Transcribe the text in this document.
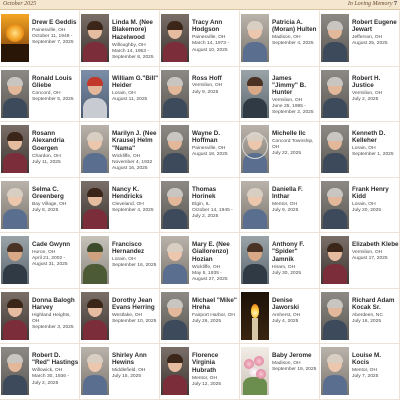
October 2025	In Loving Memory 7
Drew E Geddis
Painesville, OH
October 11, 1948 -
September 7, 2025
Linda M. (Nee Blakemore) Hazelwood
Willoughby, OH
March 14, 1953 -
September 8, 2025
Tracy Ann Hodgson
Painesville, OH
March 14, 1973 -
August 10, 2025
Patricia A. (Moran) Hulten
Madison, OH
September 4, 2025
Robert Eugene Jewart
Jefferson, OH
August 25, 2025
Ronald Louis Gliebe
Concord, OH
September 5, 2025
William G."Bill" Heider
Lorain, OH
August 11, 2025
Ross Hoff
Vermilion, OH
July 9, 2025
James "Jimmy" B. Hunter
Vermilion, OH
June 25, 1995 -
September 2, 2025
Robert H. Justice
Vermilion, OH
July 2, 2025
Rosann Alexandria Goergen
Chardon, OH
July 11, 2025
Marilyn J. (Nee Krause) Helm "Nama"
Wickliffe, OH
November 4, 1932
August 16, 2025
Wayne D. Hoffman
Painesville, OH
August 18, 2025
Michelle Ilc
Concord Township, OH
July 22, 2025
Kenneth D. Kelleher
Lorain, OH
September 1, 2025
Selma C. Greenberg
Bay Village, OH
July 8, 2025
Nancy K. Hendricks
Cleveland, OH
September 4, 2025
Thomas Horinek
Elgin, IL
October 14, 1945 -
July 2, 2025
Daniella F. Inthar
Mentor, OH
July 9, 2025
Frank Henry Kidd
Lorain, OH
July 20, 2025
Cade Gwynn
Huron, OH
April 21, 2002 -
August 31, 2025
Francisco Hernandez
Lorain, OH
September 16, 2025
Mary E. (Nee Giallorenzo) Hozian
Wickliffe, OH
May 5, 1935 -
August 27, 2025
Anthony F. "Spider" Jamnik
Hiram, OH
July 30, 2025
Elizabeth Klebe
Vermilion, OH
August 17, 2025
Donna Balogh Harvey
Highland Heights, OH
September 3, 2025
Dorothy Jean Evans Herring
Westlake, OH
September 10, 2025
Michael "Mike" Hreha
Fairport Harbor, OH
July 26, 2025
Denise Jaworski
Amherst, OH
July 4, 2025
Richard Adam Kocak Sr.
Aberdeen, NC
July 16, 2025
Robert D. "Red" Hastings
Willowick, OH
March 30, 1936 -
July 2, 2025
Shirley Ann Hewins
Middlefield, OH
July 15, 2025
Florence Virginia Hubrath
Mentor, OH
July 12, 2025
Baby Jerome
Madison, OH
September 19, 2025
Louise M. Kocis
Mentor, OH
July 7, 2025
